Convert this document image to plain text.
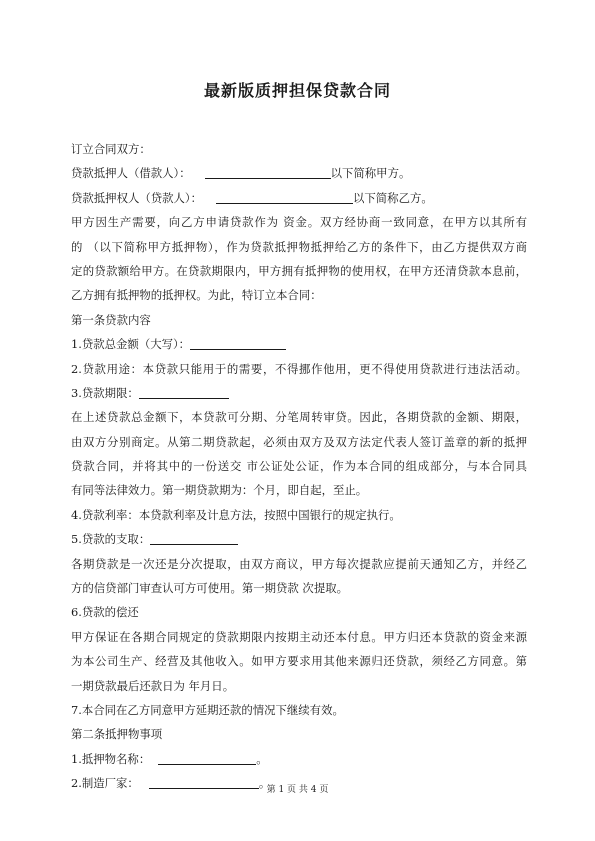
最新版质押担保贷款合同
订立合同双方：
贷款抵押人（借款人）：	以下简称甲方。
贷款抵押权人（贷款人）：	以下简称乙方。
甲方因生产需要，向乙方申请贷款作为 资金。双方经协商一致同意，在甲方以其所有
的 （以下简称甲方抵押物），作为贷款抵押物抵押给乙方的条件下，由乙方提供双方商
定的贷款额给甲方。在贷款期限内，甲方拥有抵押物的使用权，在甲方还清贷款本息前，
乙方拥有抵押物的抵押权。为此，特订立本合同：
第一条贷款内容
1.贷款总金额（大写）：
2.贷款用途：本贷款只能用于的需要，不得挪作他用，更不得使用贷款进行违法活动。
3.贷款期限：
在上述贷款总金额下，本贷款可分期、分笔周转审贷。因此，各期贷款的金额、期限，
由双方分别商定。从第二期贷款起，必须由双方及双方法定代表人签订盖章的新的抵押
贷款合同，并将其中的一份送交 市公证处公证，作为本合同的组成部分，与本合同具
有同等法律效力。第一期贷款期为：个月，即自起，至止。
4.贷款利率：本贷款利率及计息方法，按照中国银行的规定执行。
5.贷款的支取：
各期贷款是一次还是分次提取，由双方商议，甲方每次提款应提前天通知乙方，并经乙
方的信贷部门审查认可方可使用。第一期贷款 次提取。
6.贷款的偿还
甲方保证在各期合同规定的贷款期限内按期主动还本付息。甲方归还本贷款的资金来源
为本公司生产、经营及其他收入。如甲方要求用其他来源归还贷款，须经乙方同意。第
一期贷款最后还款日为 年月日。
7.本合同在乙方同意甲方延期还款的情况下继续有效。
第二条抵押物事项
1.抵押物名称：	。
2.制造厂家：	。
第 1 页 共 4 页
